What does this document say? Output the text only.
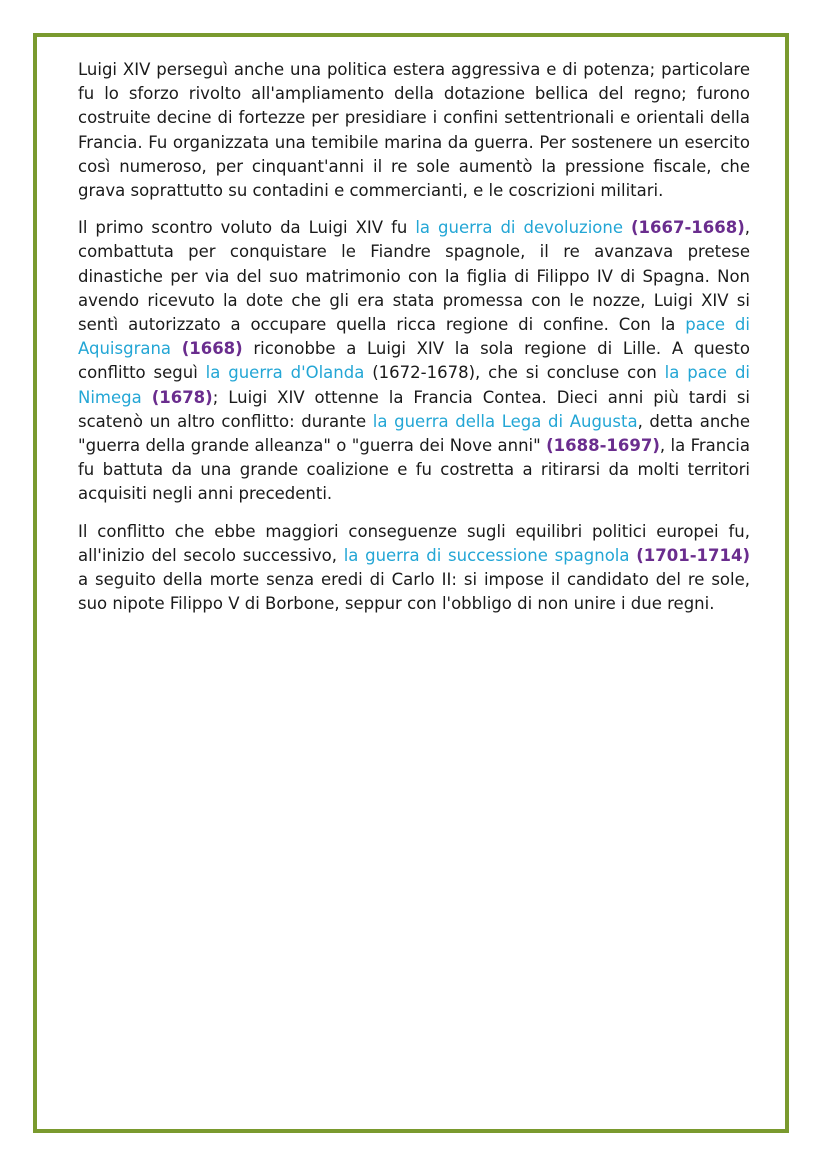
Luigi XIV perseguì anche una politica estera aggressiva e di potenza; particolare fu lo sforzo rivolto all'ampliamento della dotazione bellica del regno; furono costruite decine di fortezze per presidiare i confini settentrionali e orientali della Francia. Fu organizzata una temibile marina da guerra. Per sostenere un esercito così numeroso, per cinquant'anni il re sole aumentò la pressione fiscale, che grava soprattutto su contadini e commercianti, e le coscrizioni militari.

Il primo scontro voluto da Luigi XIV fu la guerra di devoluzione (1667-1668), combattuta per conquistare le Fiandre spagnole, il re avanzava pretese dinastiche per via del suo matrimonio con la figlia di Filippo IV di Spagna. Non avendo ricevuto la dote che gli era stata promessa con le nozze, Luigi XIV si sentì autorizzato a occupare quella ricca regione di confine. Con la pace di Aquisgrana (1668) riconobbe a Luigi XIV la sola regione di Lille. A questo conflitto seguì la guerra d'Olanda (1672-1678), che si concluse con la pace di Nimega (1678); Luigi XIV ottenne la Francia Contea. Dieci anni più tardi si scatenò un altro conflitto: durante la guerra della Lega di Augusta, detta anche "guerra della grande alleanza" o "guerra dei Nove anni" (1688-1697), la Francia fu battuta da una grande coalizione e fu costretta a ritirarsi da molti territori acquisiti negli anni precedenti.

Il conflitto che ebbe maggiori conseguenze sugli equilibri politici europei fu, all'inizio del secolo successivo, la guerra di successione spagnola (1701-1714) a seguito della morte senza eredi di Carlo II: si impose il candidato del re sole, suo nipote Filippo V di Borbone, seppur con l'obbligo di non unire i due regni.
